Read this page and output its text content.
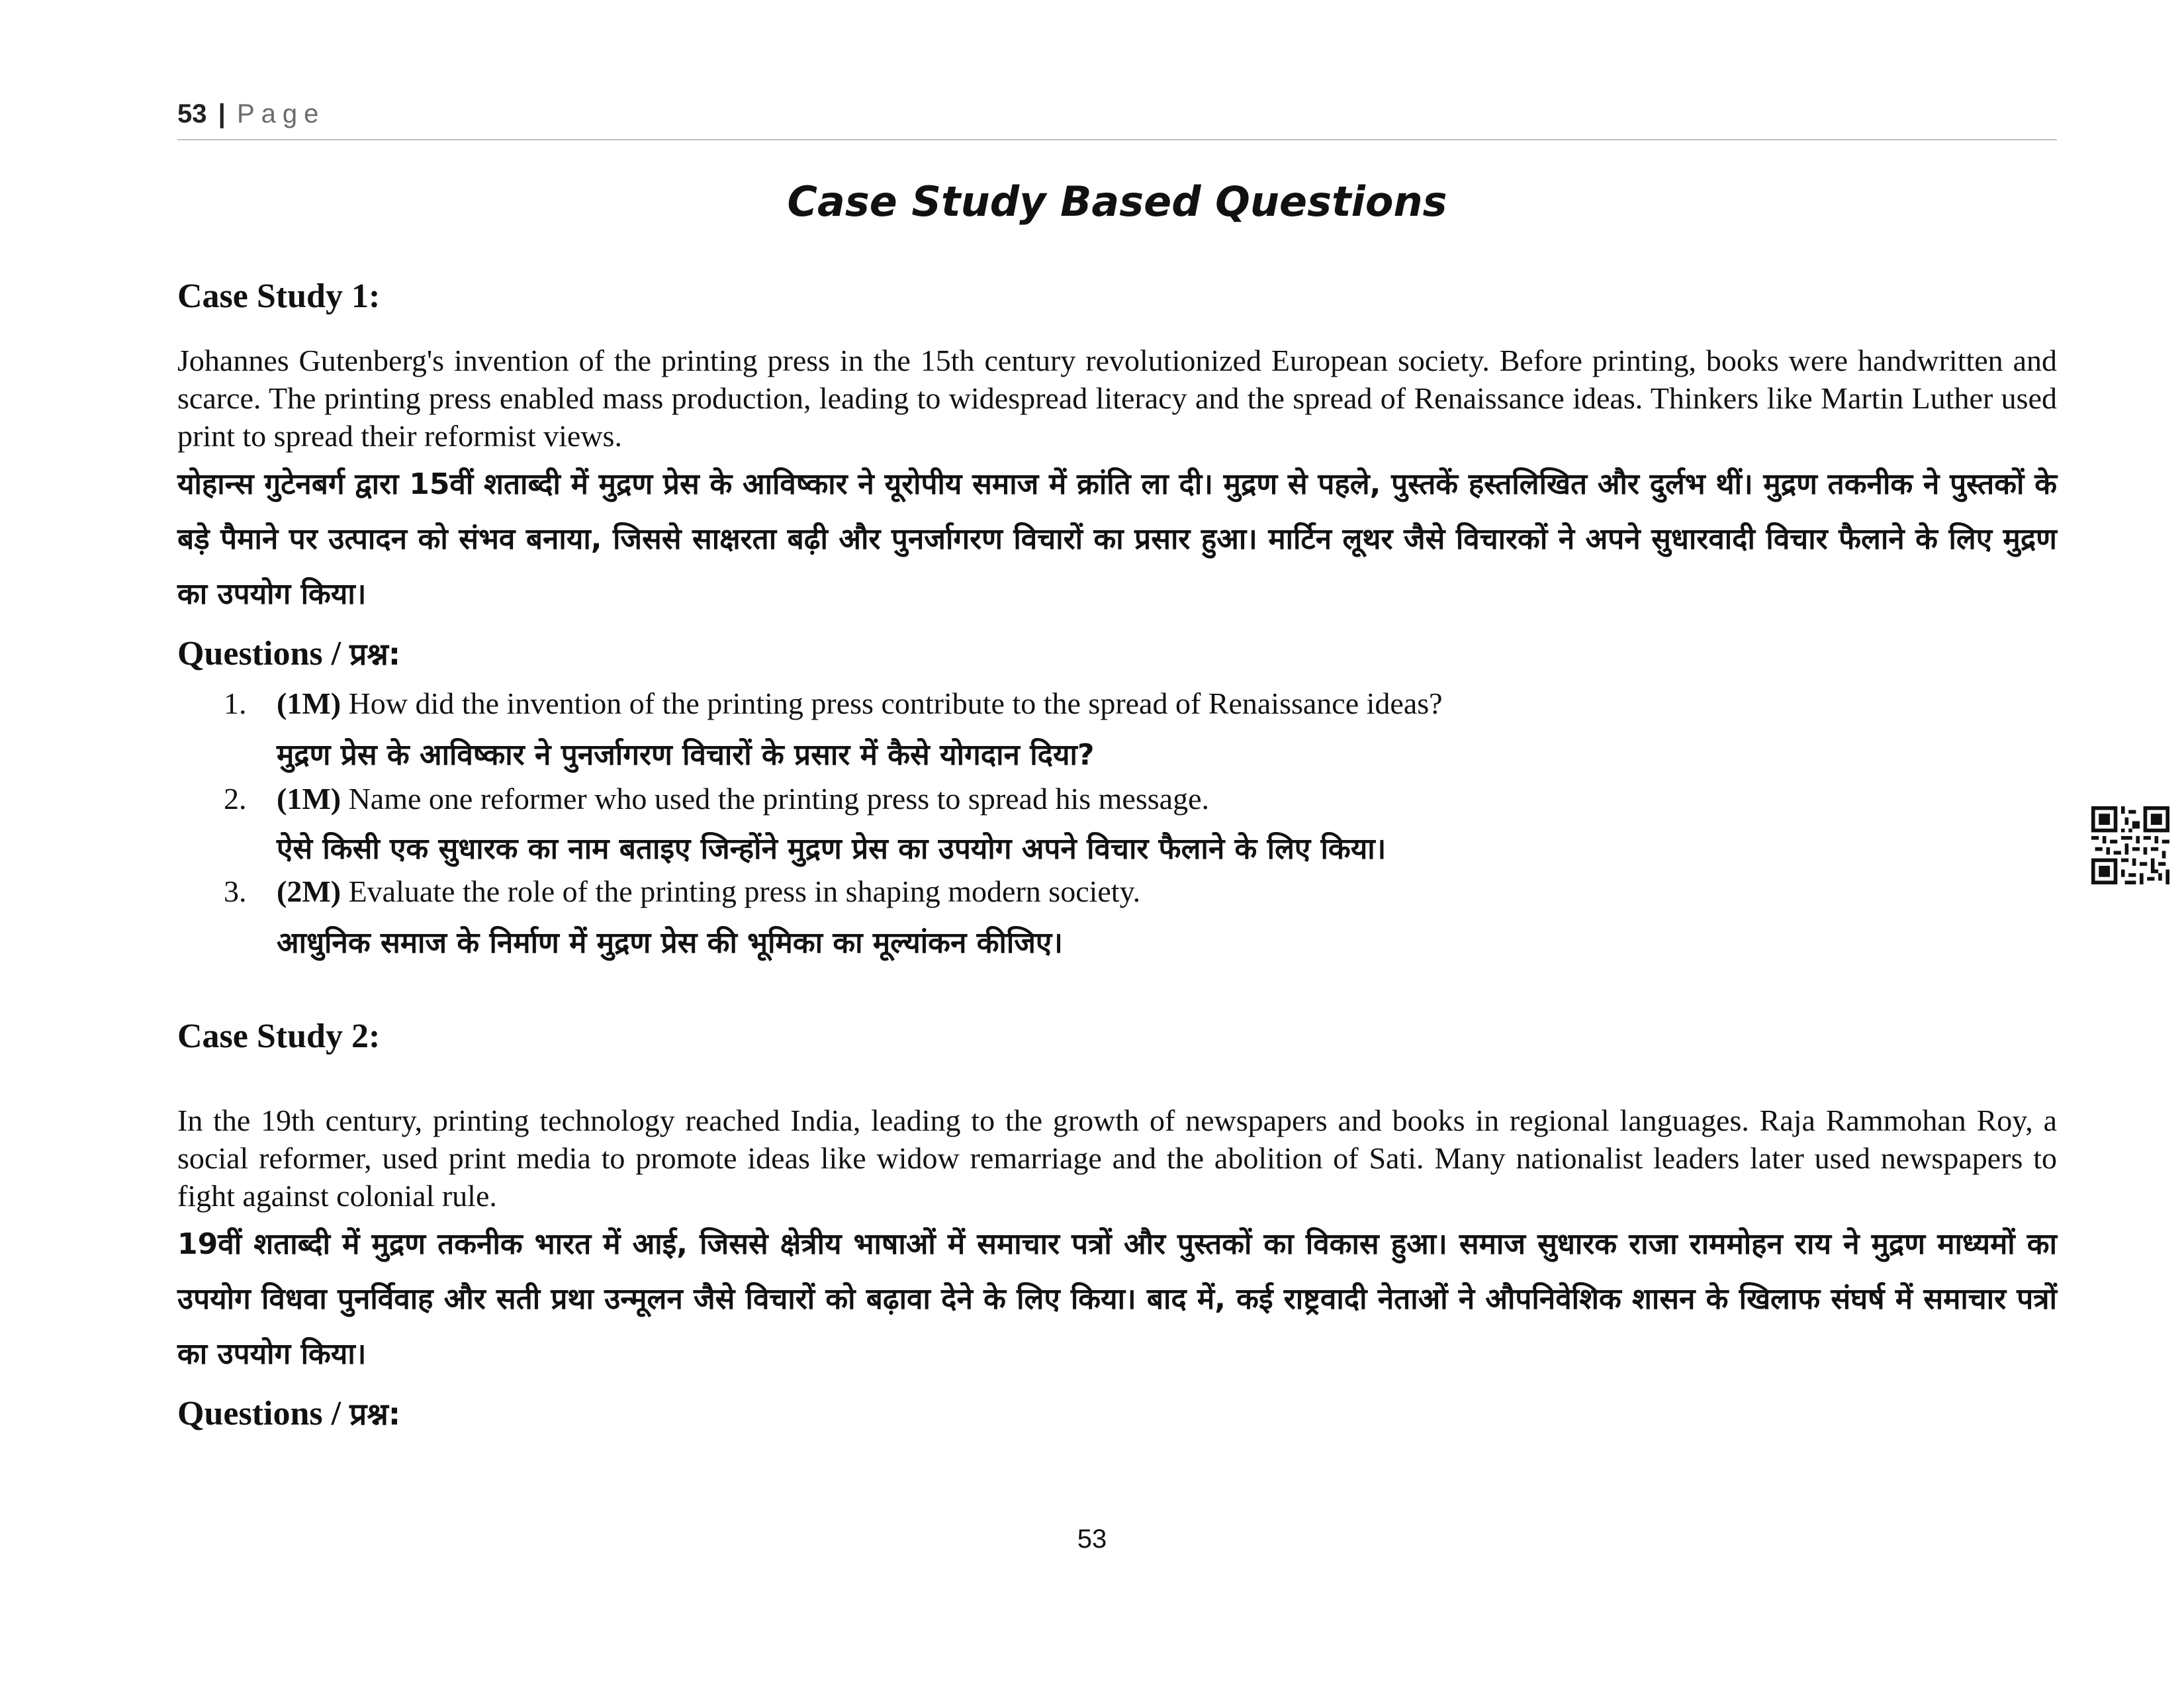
53 | Page
Case Study Based Questions
Case Study 1:
Johannes Gutenberg's invention of the printing press in the 15th century revolutionized European society. Before printing, books were handwritten and scarce. The printing press enabled mass production, leading to widespread literacy and the spread of Renaissance ideas. Thinkers like Martin Luther used print to spread their reformist views.
योहान्स गुटेनबर्ग द्वारा 15वीं शताब्दी में मुद्रण प्रेस के आविष्कार ने यूरोपीय समाज में क्रांति ला दी। मुद्रण से पहले, पुस्तकें हस्तलिखित और दुर्लभ थीं। मुद्रण तकनीक ने पुस्तकों के बड़े पैमाने पर उत्पादन को संभव बनाया, जिससे साक्षरता बढ़ी और पुनर्जागरण विचारों का प्रसार हुआ। मार्टिन लूथर जैसे विचारकों ने अपने सुधारवादी विचार फैलाने के लिए मुद्रण का उपयोग किया।
Questions / प्रश्न:
1. (1M) How did the invention of the printing press contribute to the spread of Renaissance ideas?
मुद्रण प्रेस के आविष्कार ने पुनर्जागरण विचारों के प्रसार में कैसे योगदान दिया?
2. (1M) Name one reformer who used the printing press to spread his message.
ऐसे किसी एक सुधारक का नाम बताइए जिन्होंने मुद्रण प्रेस का उपयोग अपने विचार फैलाने के लिए किया।
3. (2M) Evaluate the role of the printing press in shaping modern society.
आधुनिक समाज के निर्माण में मुद्रण प्रेस की भूमिका का मूल्यांकन कीजिए।
Case Study 2:
In the 19th century, printing technology reached India, leading to the growth of newspapers and books in regional languages. Raja Rammohan Roy, a social reformer, used print media to promote ideas like widow remarriage and the abolition of Sati. Many nationalist leaders later used newspapers to fight against colonial rule.
19वीं शताब्दी में मुद्रण तकनीक भारत में आई, जिससे क्षेत्रीय भाषाओं में समाचार पत्रों और पुस्तकों का विकास हुआ। समाज सुधारक राजा राममोहन राय ने मुद्रण माध्यमों का उपयोग विधवा पुनर्विवाह और सती प्रथा उन्मूलन जैसे विचारों को बढ़ावा देने के लिए किया। बाद में, कई राष्ट्रवादी नेताओं ने औपनिवेशिक शासन के खिलाफ संघर्ष में समाचार पत्रों का उपयोग किया।
Questions / प्रश्न:
53
